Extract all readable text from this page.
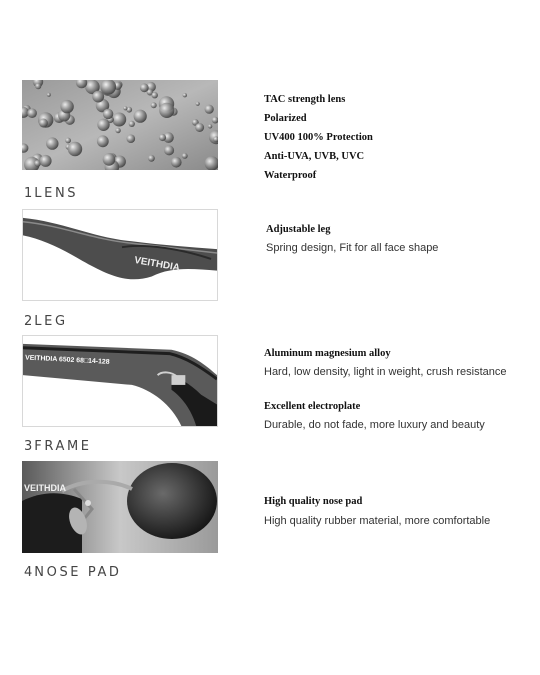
1 LENS
VEITHDIA
2 LEG
VEITHDIA 6502 68□14-128
3 FRAME
VEITHDIA
4 NOSE PAD
TAC strength lens
Polarized
UV400 100% Protection
Anti-UVA, UVB, UVC
Waterproof
Adjustable leg
Spring design, Fit for all face shape
Aluminum magnesium alloy
Hard, low density, light in weight, crush resistance
Excellent electroplate
Durable, do not fade, more luxury and beauty
High quality nose pad
High quality rubber material, more comfortable
